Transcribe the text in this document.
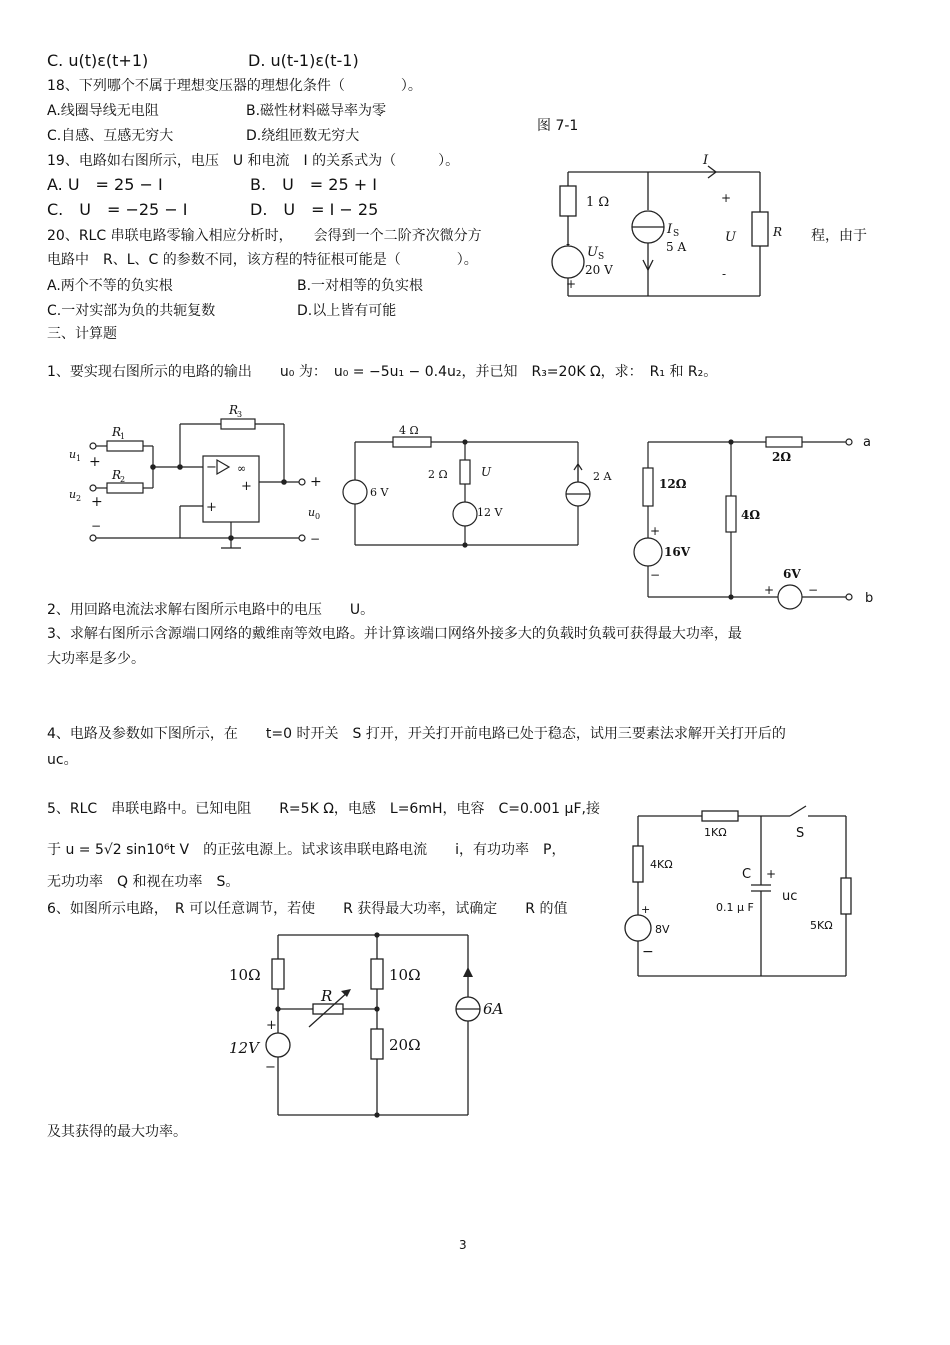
C. u(t)ε(t+1)	D. u(t-1)ε(t-1)
18、下列哪个不属于理想变压器的理想化条件（　　　　）。
A.线圈导线无电阻	B.磁性材料磁导率为零
C.自感、互感无穷大	D.绕组匝数无穷大
19、电路如右图所示，电压　U 和电流　I 的关系式为（　　　）。
A. U　= 25 − I	B.　U　= 25 + I
C.　U　= −25 − I	D.　U　= I − 25
20、RLC 串联电路零输入相应分析时，　　会得到一个二阶齐次微分方	程，由于
电路中　R、L、C 的参数不同，该方程的特征根可能是（　　　　）。
A.两个不等的负实根	B.一对相等的负实根
C.一对实部为负的共轭复数	D.以上皆有可能
三、计算题
1、要实现右图所示的电路的输出　　u₀ 为：　u₀ = −5u₁ − 0.4u₂，并已知　R₃=20K Ω，求：　R₁ 和 R₂。
2、用回路电流法求解右图所示电路中的电压　　U。
3、求解右图所示含源端口网络的戴维南等效电路。并计算该端口网络外接多大的负载时负载可获得最大功率，最
大功率是多少。
4、电路及参数如下图所示，在　　t=0 时开关　S 打开，开关打开前电路已处于稳态，试用三要素法求解开关打开后的
uc。
5、RLC　串联电路中。已知电阻　　R=5K Ω，电感　L=6mH，电容　C=0.001 μF,接
于 u = 5√2 sin10⁶t V　的正弦电源上。试求该串联电路电流　　i，有功功率　P，
无功功率　Q 和视在功率　S。
6、如图所示电路，　R 可以任意调节，若使　　R 获得最大功率，试确定　　R 的值
及其获得的最大功率。
3
图 7-1
1 Ω
U S
20 V
-
+
I S
5 A
I
+
U
-
R
R
1
R
2
R
3
u 1 +
u 2 +
−
−
+
∞
+	+
u 0
−
4 Ω
2 Ω
6 V
12 V
2 A
U
2Ω
12Ω
4Ω
16V
6V
+
−
+	−
a
b
1KΩ	S
4KΩ
C +
uc
0.1 μ F
5KΩ
+
8V
−
10Ω	10Ω
20Ω
R
+
12V
−
6A
